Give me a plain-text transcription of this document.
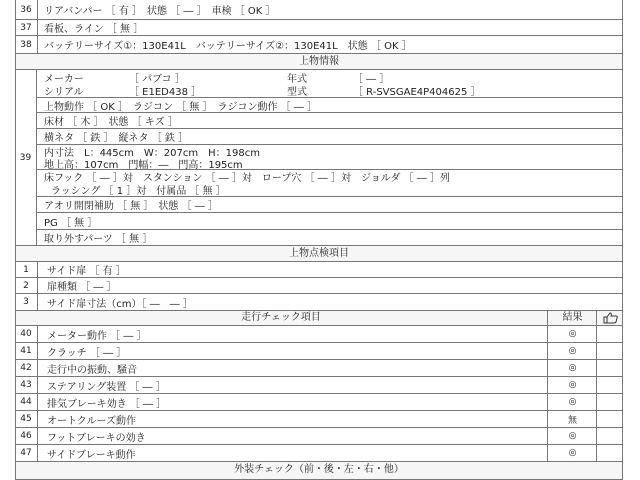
36	リアバンパー ［ 有 ］　状態 ［ ― ］　車検 ［ OK ］
37	看板、ライン ［ 無 ］
38	バッテリーサイズ①：130E41L　バッテリーサイズ②：130E41L　状態 ［ OK ］
上物情報
39
メーカー	［ パブコ ］	年式	［ ― ］
シリアル	［ E1ED438 ］	型式	［ R-SVSGAE4P404625 ］
上物動作 ［ OK ］　ラジコン ［ 無 ］　ラジコン動作 ［ ― ］
床材 ［ 木 ］　状態 ［ キズ ］
横ネタ ［ 鉄 ］　縦ネタ ［ 鉄 ］
内寸法　L：445cm　W：207cm　H：198cm
地上高：107cm　門幅：―　門高：195cm
床フック ［ ― ］対　スタンション ［ ― ］対　ロープ穴 ［ ― ］対　ジョルダ ［ ― ］列
ラッシング ［ 1 ］対　付属品 ［ 無 ］
アオリ開閉補助 ［ 無 ］　状態 ［ ― ］
PG ［ 無 ］
取り外すパーツ ［ 無 ］
上物点検項目
1	サイド扉 ［ 有 ］
2	扉種類 ［ ― ］
3	サイド扉寸法（cm）［ ―　― ］
走行チェック項目	結果
40	メーター動作 ［ ― ］	◎
41	クラッチ ［ ― ］	◎
42	走行中の振動、騒音	◎
43	ステアリング装置 ［ ― ］	◎
44	排気ブレーキ効き ［ ― ］	◎
45	オートクルーズ動作	無
46	フットブレーキの効き	◎
47	サイドブレーキ動作	◎
外装チェック（前・後・左・右・他）
